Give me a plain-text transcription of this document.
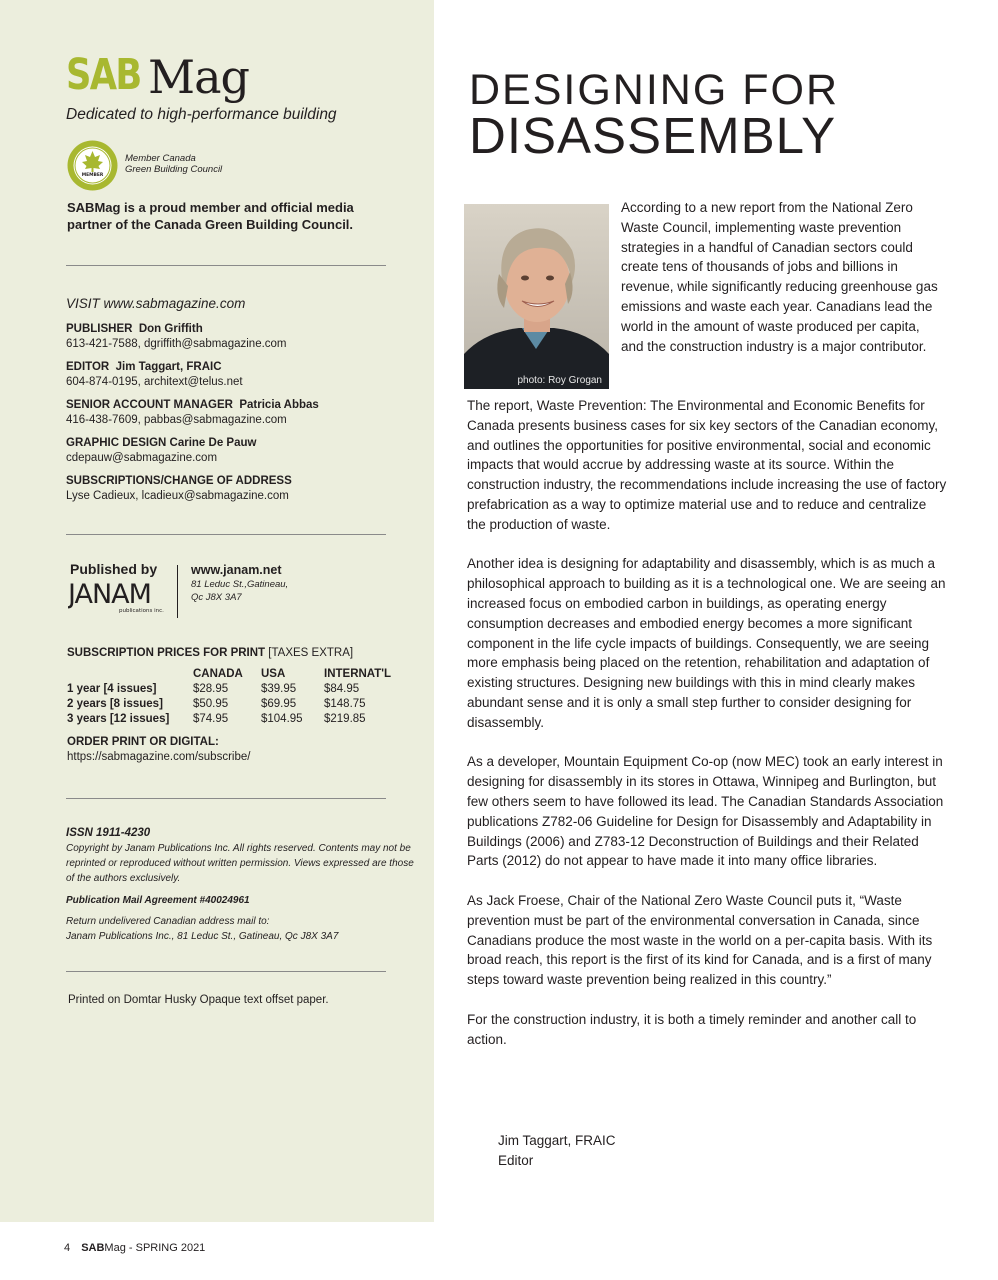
SAB Mag
Dedicated to high-performance building
MEMBER
Member Canada
Green Building Council
SABMag is a proud member and official media partner of the Canada Green Building Council.
VISIT www.sabmagazine.com
PUBLISHER Don Griffith
613-421-7588, dgriffith@sabmagazine.com
EDITOR Jim Taggart, FRAIC
604-874-0195, architext@telus.net
SENIOR ACCOUNT MANAGER Patricia Abbas
416-438-7609, pabbas@sabmagazine.com
GRAPHIC DESIGN Carine De Pauw
cdepauw@sabmagazine.com
SUBSCRIPTIONS/CHANGE OF ADDRESS
Lyse Cadieux, lcadieux@sabmagazine.com
Published by
JANAM
publications inc.
www.janam.net
81 Leduc St.,Gatineau,
Qc J8X 3A7
SUBSCRIPTION PRICES FOR PRINT [TAXES EXTRA]
	CANADA	USA	INTERNAT'L
1 year [4 issues]	$28.95	$39.95	$84.95
2 years [8 issues]	$50.95	$69.95	$148.75
3 years [12 issues]	$74.95	$104.95	$219.85
ORDER PRINT OR DIGITAL:
https://sabmagazine.com/subscribe/
ISSN 1911-4230
Copyright by Janam Publications Inc. All rights reserved. Contents may not be reprinted or reproduced without written permission. Views expressed are those of the authors exclusively.
Publication Mail Agreement #40024961
Return undelivered Canadian address mail to:
Janam Publications Inc., 81 Leduc St., Gatineau, Qc J8X 3A7
Printed on Domtar Husky Opaque text offset paper.
DESIGNING FOR
DISASSEMBLY
photo: Roy Grogan
According to a new report from the National Zero Waste Council, implementing waste prevention strategies in a handful of Canadian sectors could create tens of thousands of jobs and billions in revenue, while significantly reducing greenhouse gas emissions and waste each year. Canadians lead the world in the amount of waste produced per capita, and the construction industry is a major contributor.

The report, Waste Prevention: The Environmental and Economic Benefits for Canada presents business cases for six key sectors of the Canadian economy, and outlines the opportunities for positive environmental, social and economic impacts that would accrue by addressing waste at its source. Within the construction industry, the recommendations include increasing the use of factory prefabrication as a way to optimize material use and to reduce and centralize the production of waste.

Another idea is designing for adaptability and disassembly, which is as much a philosophical approach to building as it is a technological one. We are seeing an increased focus on embodied carbon in buildings, as operating energy consumption decreases and embodied energy becomes a more significant component in the life cycle impacts of buildings. Consequently, we are seeing more emphasis being placed on the retention, rehabilitation and adaptation of existing structures. Designing new buildings with this in mind clearly makes abundant sense and it is only a small step further to consider designing for disassembly.

As a developer, Mountain Equipment Co-op (now MEC) took an early interest in designing for disassembly in its stores in Ottawa, Winnipeg and Burlington, but few others seem to have followed its lead. The Canadian Standards Association publications Z782-06 Guideline for Design for Disassembly and Adaptability in Buildings (2006) and Z783-12 Deconstruction of Buildings and their Related Parts (2012) do not appear to have made it into many office libraries.

As Jack Froese, Chair of the National Zero Waste Council puts it, “Waste prevention must be part of the environmental conversation in Canada, since Canadians produce the most waste in the world on a per-capita basis. With its broad reach, this report is the first of its kind for Canada, and is a first of many steps toward waste prevention being realized in this country.”

For the construction industry, it is both a timely reminder and another call to action.

Jim Taggart, FRAIC
Editor
4 SABMag - SPRING 2021
